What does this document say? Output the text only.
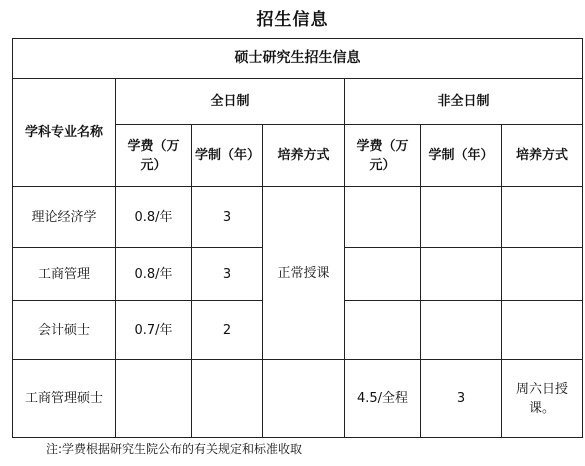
招生信息
硕士研究生招生信息						
学科专业名称	全日制			非全日制		
	学费（万元）	学制（年）	培养方式	学费（万元）	学制（年）	培养方式
理论经济学	0.8/年	3	正常授课			
工商管理	0.8/年	3				
会计硕士	0.7/年	2				
工商管理硕士				4.5/全程	3	周六日授课。
注:学费根据研究生院公布的有关规定和标准收取
